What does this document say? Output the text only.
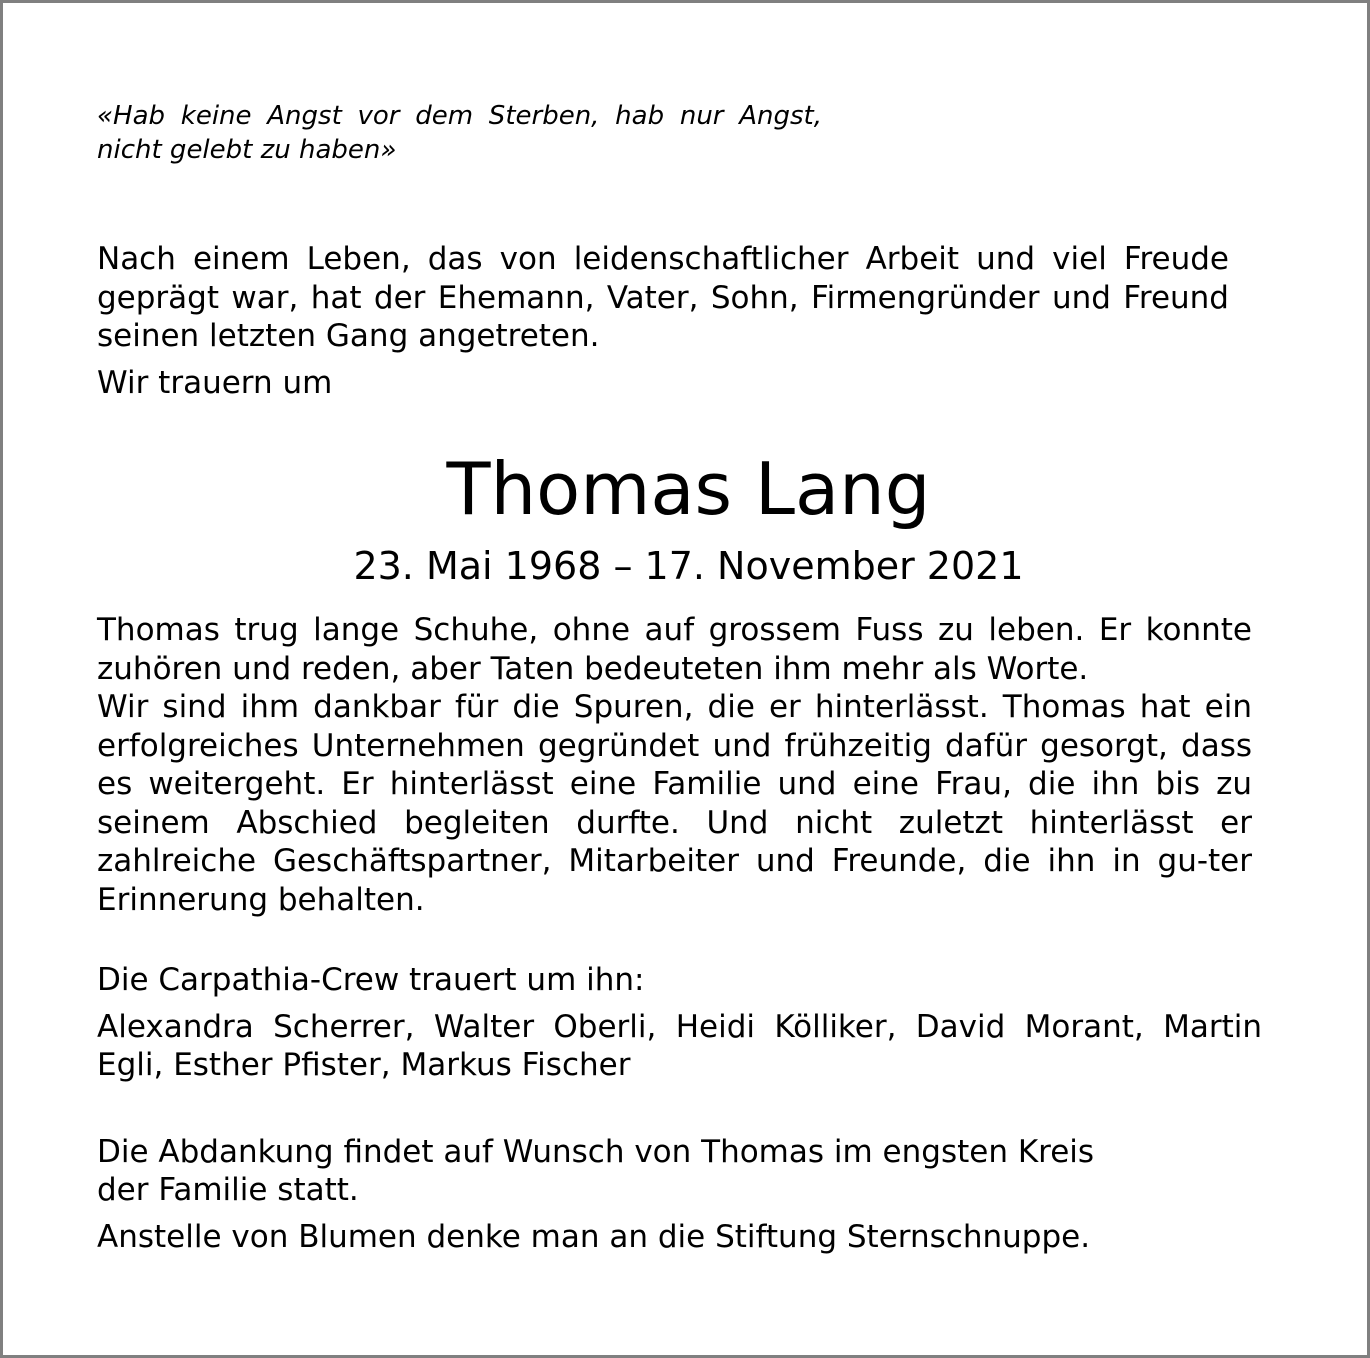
«Hab keine Angst vor dem Sterben, hab nur Angst,
nicht gelebt zu haben»

Nach einem Leben, das von leidenschaftlicher Arbeit und viel Freude geprägt war, hat der Ehemann, Vater, Sohn, Firmengründer und Freund seinen letzten Gang angetreten.

Wir trauern um

Thomas Lang

23. Mai 1968 – 17. November 2021

Thomas trug lange Schuhe, ohne auf grossem Fuss zu leben. Er konnte zuhören und reden, aber Taten bedeuteten ihm mehr als Worte.
Wir sind ihm dankbar für die Spuren, die er hinterlässt. Thomas hat ein erfolgreiches Unternehmen gegründet und frühzeitig dafür gesorgt, dass es weitergeht. Er hinterlässt eine Familie und eine Frau, die ihn bis zu seinem Abschied begleiten durfte. Und nicht zuletzt hinterlässt er zahlreiche Geschäftspartner, Mitarbeiter und Freunde, die ihn in gu-ter Erinnerung behalten.

Die Carpathia-Crew trauert um ihn:

Alexandra Scherrer, Walter Oberli, Heidi Kölliker, David Morant, Martin Egli, Esther Pfister, Markus Fischer

Die Abdankung findet auf Wunsch von Thomas im engsten Kreis der Familie statt.

Anstelle von Blumen denke man an die Stiftung Sternschnuppe.
